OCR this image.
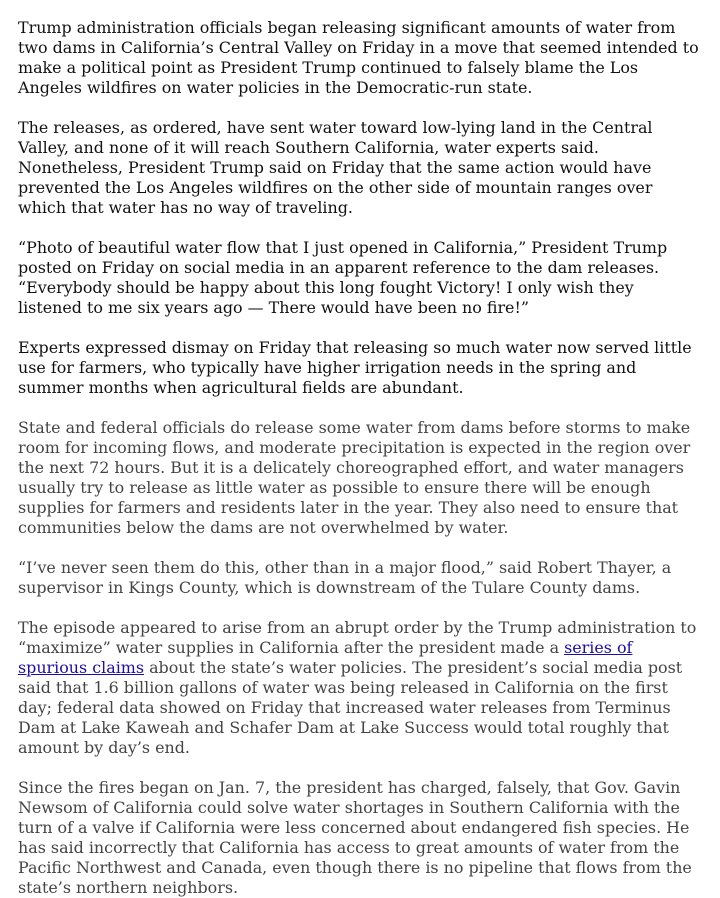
Trump administration officials began releasing significant amounts of water from two dams in California’s Central Valley on Friday in a move that seemed intended to make a political point as President Trump continued to falsely blame the Los Angeles wildfires on water policies in the Democratic-run state.

The releases, as ordered, have sent water toward low-lying land in the Central Valley, and none of it will reach Southern California, water experts said. Nonetheless, President Trump said on Friday that the same action would have prevented the Los Angeles wildfires on the other side of mountain ranges over which that water has no way of traveling.

“Photo of beautiful water flow that I just opened in California,” President Trump posted on Friday on social media in an apparent reference to the dam releases. “Everybody should be happy about this long fought Victory! I only wish they listened to me six years ago — There would have been no fire!”

Experts expressed dismay on Friday that releasing so much water now served little use for farmers, who typically have higher irrigation needs in the spring and summer months when agricultural fields are abundant.

State and federal officials do release some water from dams before storms to make room for incoming flows, and moderate precipitation is expected in the region over the next 72 hours. But it is a delicately choreographed effort, and water managers usually try to release as little water as possible to ensure there will be enough supplies for farmers and residents later in the year. They also need to ensure that communities below the dams are not overwhelmed by water.

“I’ve never seen them do this, other than in a major flood,” said Robert Thayer, a supervisor in Kings County, which is downstream of the Tulare County dams.

The episode appeared to arise from an abrupt order by the Trump administration to “maximize” water supplies in California after the president made a series of spurious claims about the state’s water policies. The president’s social media post said that 1.6 billion gallons of water was being released in California on the first day; federal data showed on Friday that increased water releases from Terminus Dam at Lake Kaweah and Schafer Dam at Lake Success would total roughly that amount by day’s end.

Since the fires began on Jan. 7, the president has charged, falsely, that Gov. Gavin Newsom of California could solve water shortages in Southern California with the turn of a valve if California were less concerned about endangered fish species. He has said incorrectly that California has access to great amounts of water from the Pacific Northwest and Canada, even though there is no pipeline that flows from the state’s northern neighbors.
